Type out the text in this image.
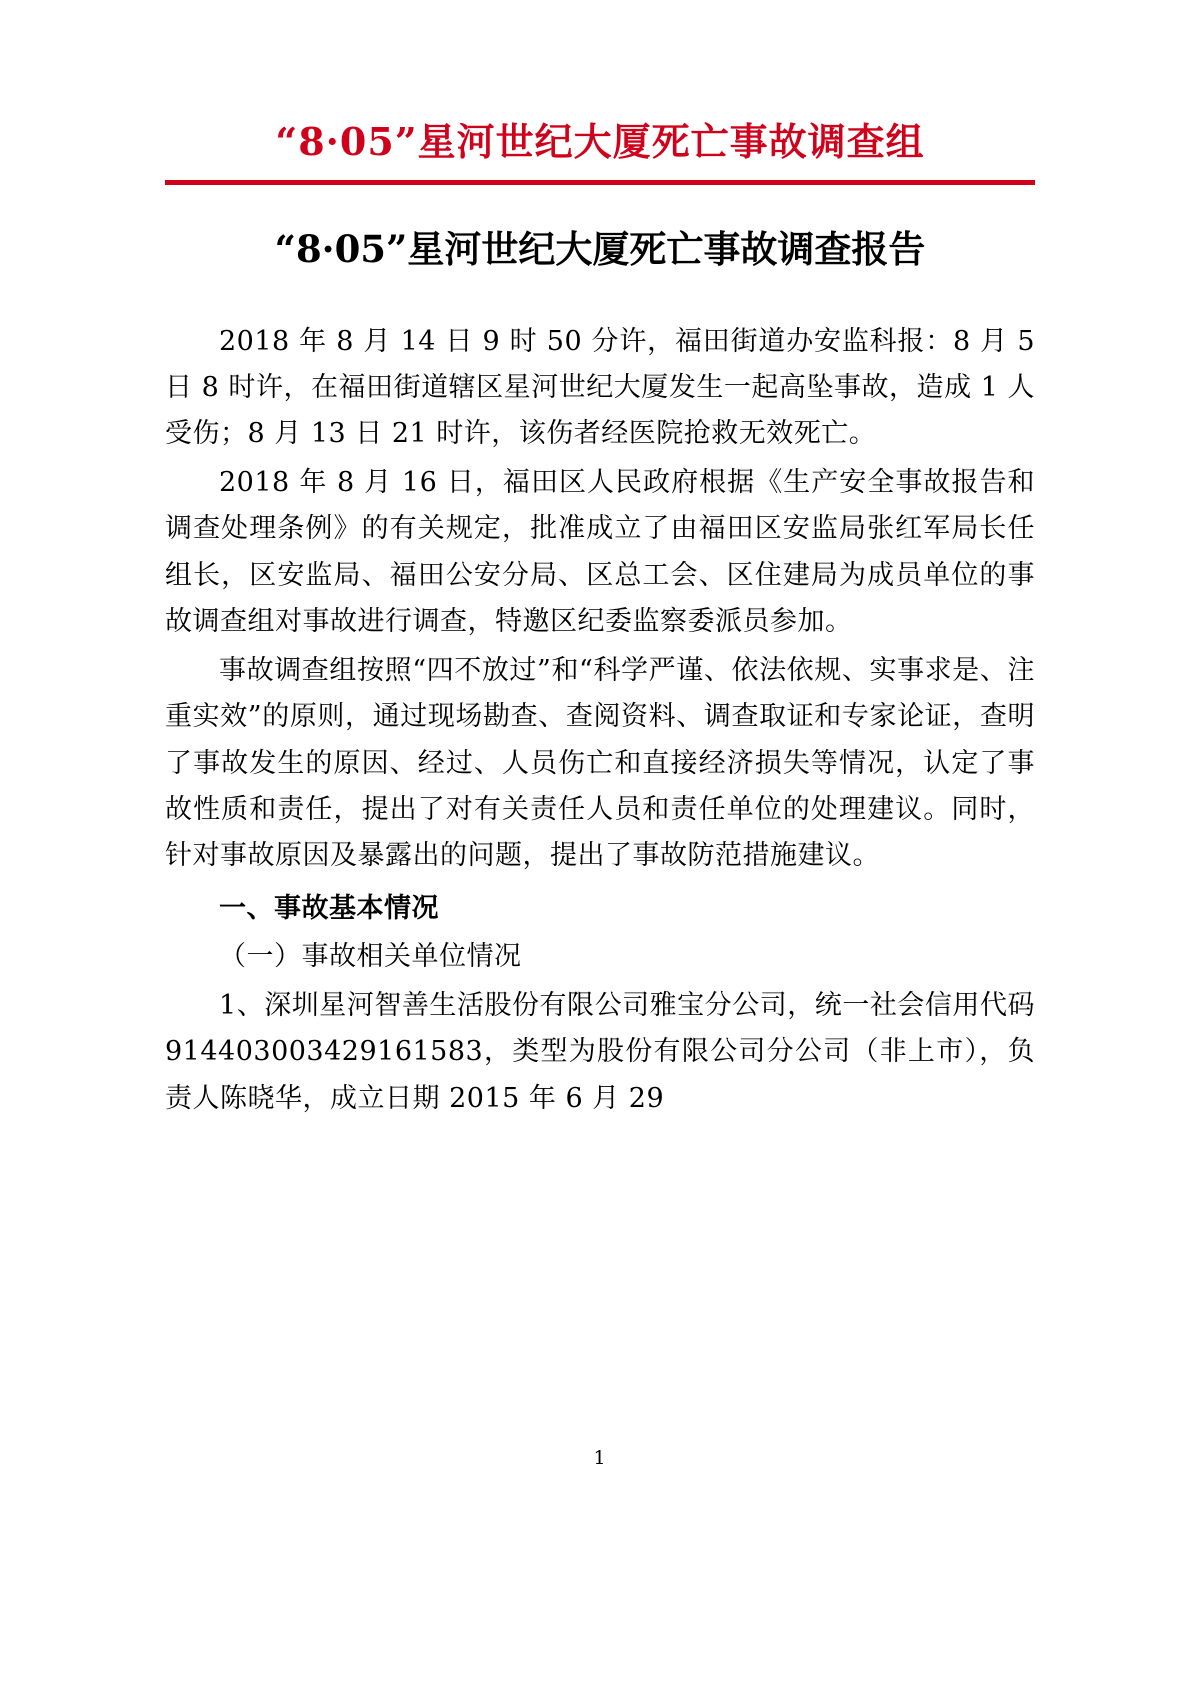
“8·05”星河世纪大厦死亡事故调查组
“8·05”星河世纪大厦死亡事故调查报告

2018 年 8 月 14 日 9 时 50 分许，福田街道办安监科报：8 月 5 日 8 时许，在福田街道辖区星河世纪大厦发生一起高坠事故，造成 1 人受伤；8 月 13 日 21 时许，该伤者经医院抢救无效死亡。

2018 年 8 月 16 日，福田区人民政府根据《生产安全事故报告和调查处理条例》的有关规定，批准成立了由福田区安监局张红军局长任组长，区安监局、福田公安分局、区总工会、区住建局为成员单位的事故调查组对事故进行调查，特邀区纪委监察委派员参加。

事故调查组按照“四不放过”和“科学严谨、依法依规、实事求是、注重实效”的原则，通过现场勘查、查阅资料、调查取证和专家论证，查明了事故发生的原因、经过、人员伤亡和直接经济损失等情况，认定了事故性质和责任，提出了对有关责任人员和责任单位的处理建议。同时，针对事故原因及暴露出的问题，提出了事故防范措施建议。

一、事故基本情况

（一）事故相关单位情况

1、深圳星河智善生活股份有限公司雅宝分公司，统一社会信用代码 914403003429161583，类型为股份有限公司分公司（非上市），负责人陈晓华，成立日期 2015 年 6 月 29

1
